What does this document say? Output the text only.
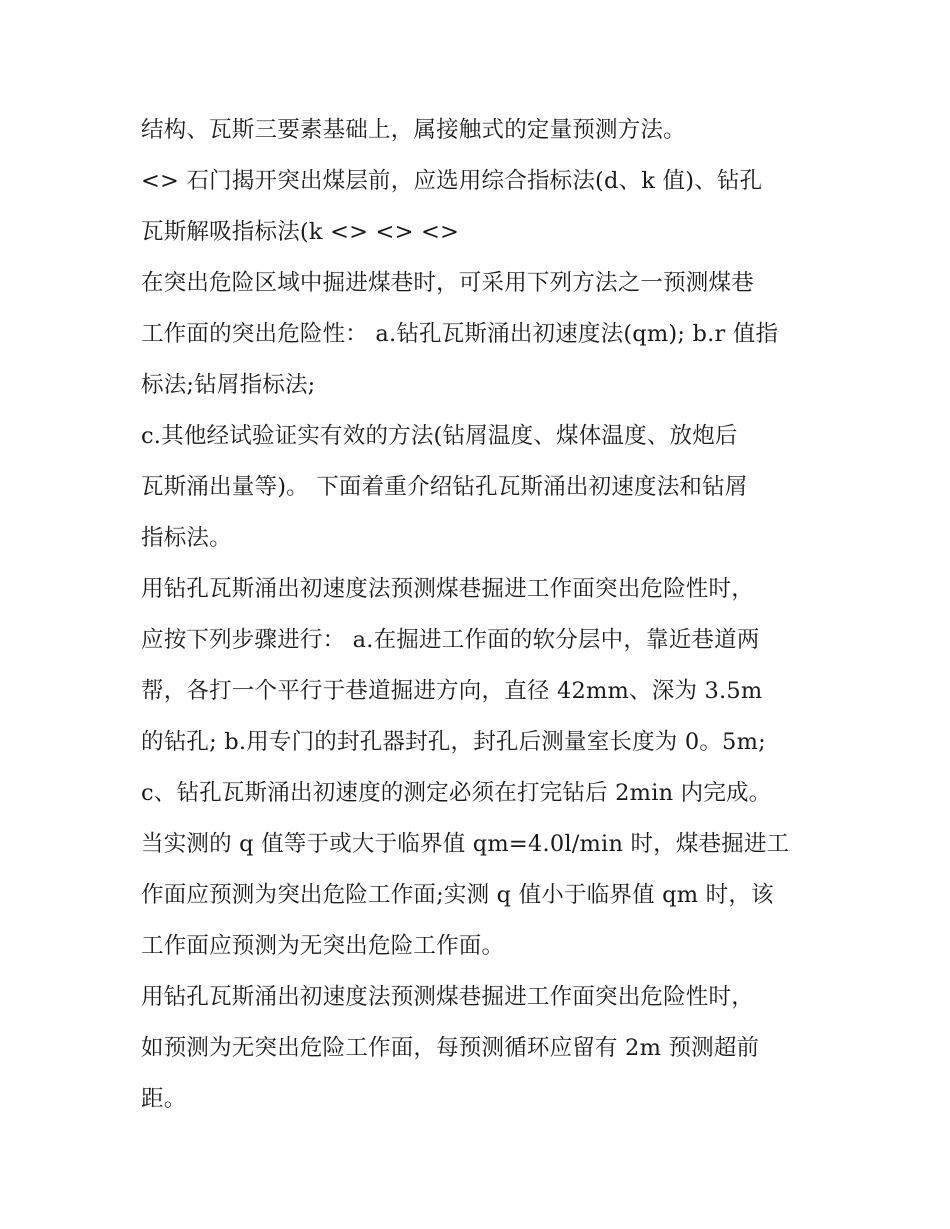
结构、瓦斯三要素基础上，属接触式的定量预测方法。
<> 石门揭开突出煤层前，应选用综合指标法(d、k 值)、钻孔
瓦斯解吸指标法(k <> <> <>
在突出危险区域中掘进煤巷时，可采用下列方法之一预测煤巷
工作面的突出危险性： a.钻孔瓦斯涌出初速度法(qm); b.r 值指
标法;钻屑指标法;
c.其他经试验证实有效的方法(钻屑温度、煤体温度、放炮后
瓦斯涌出量等)。 下面着重介绍钻孔瓦斯涌出初速度法和钻屑
指标法。
用钻孔瓦斯涌出初速度法预测煤巷掘进工作面突出危险性时，
应按下列步骤进行： a.在掘进工作面的软分层中，靠近巷道两
帮，各打一个平行于巷道掘进方向，直径 42mm、深为 3.5m
的钻孔; b.用专门的封孔器封孔，封孔后测量室长度为 0。5m;
c、钻孔瓦斯涌出初速度的测定必须在打完钻后 2min 内完成。
当实测的 q 值等于或大于临界值 qm=4.0l/min 时，煤巷掘进工
作面应预测为突出危险工作面;实测 q 值小于临界值 qm 时，该
工作面应预测为无突出危险工作面。
用钻孔瓦斯涌出初速度法预测煤巷掘进工作面突出危险性时，
如预测为无突出危险工作面，每预测循环应留有 2m 预测超前
距。
